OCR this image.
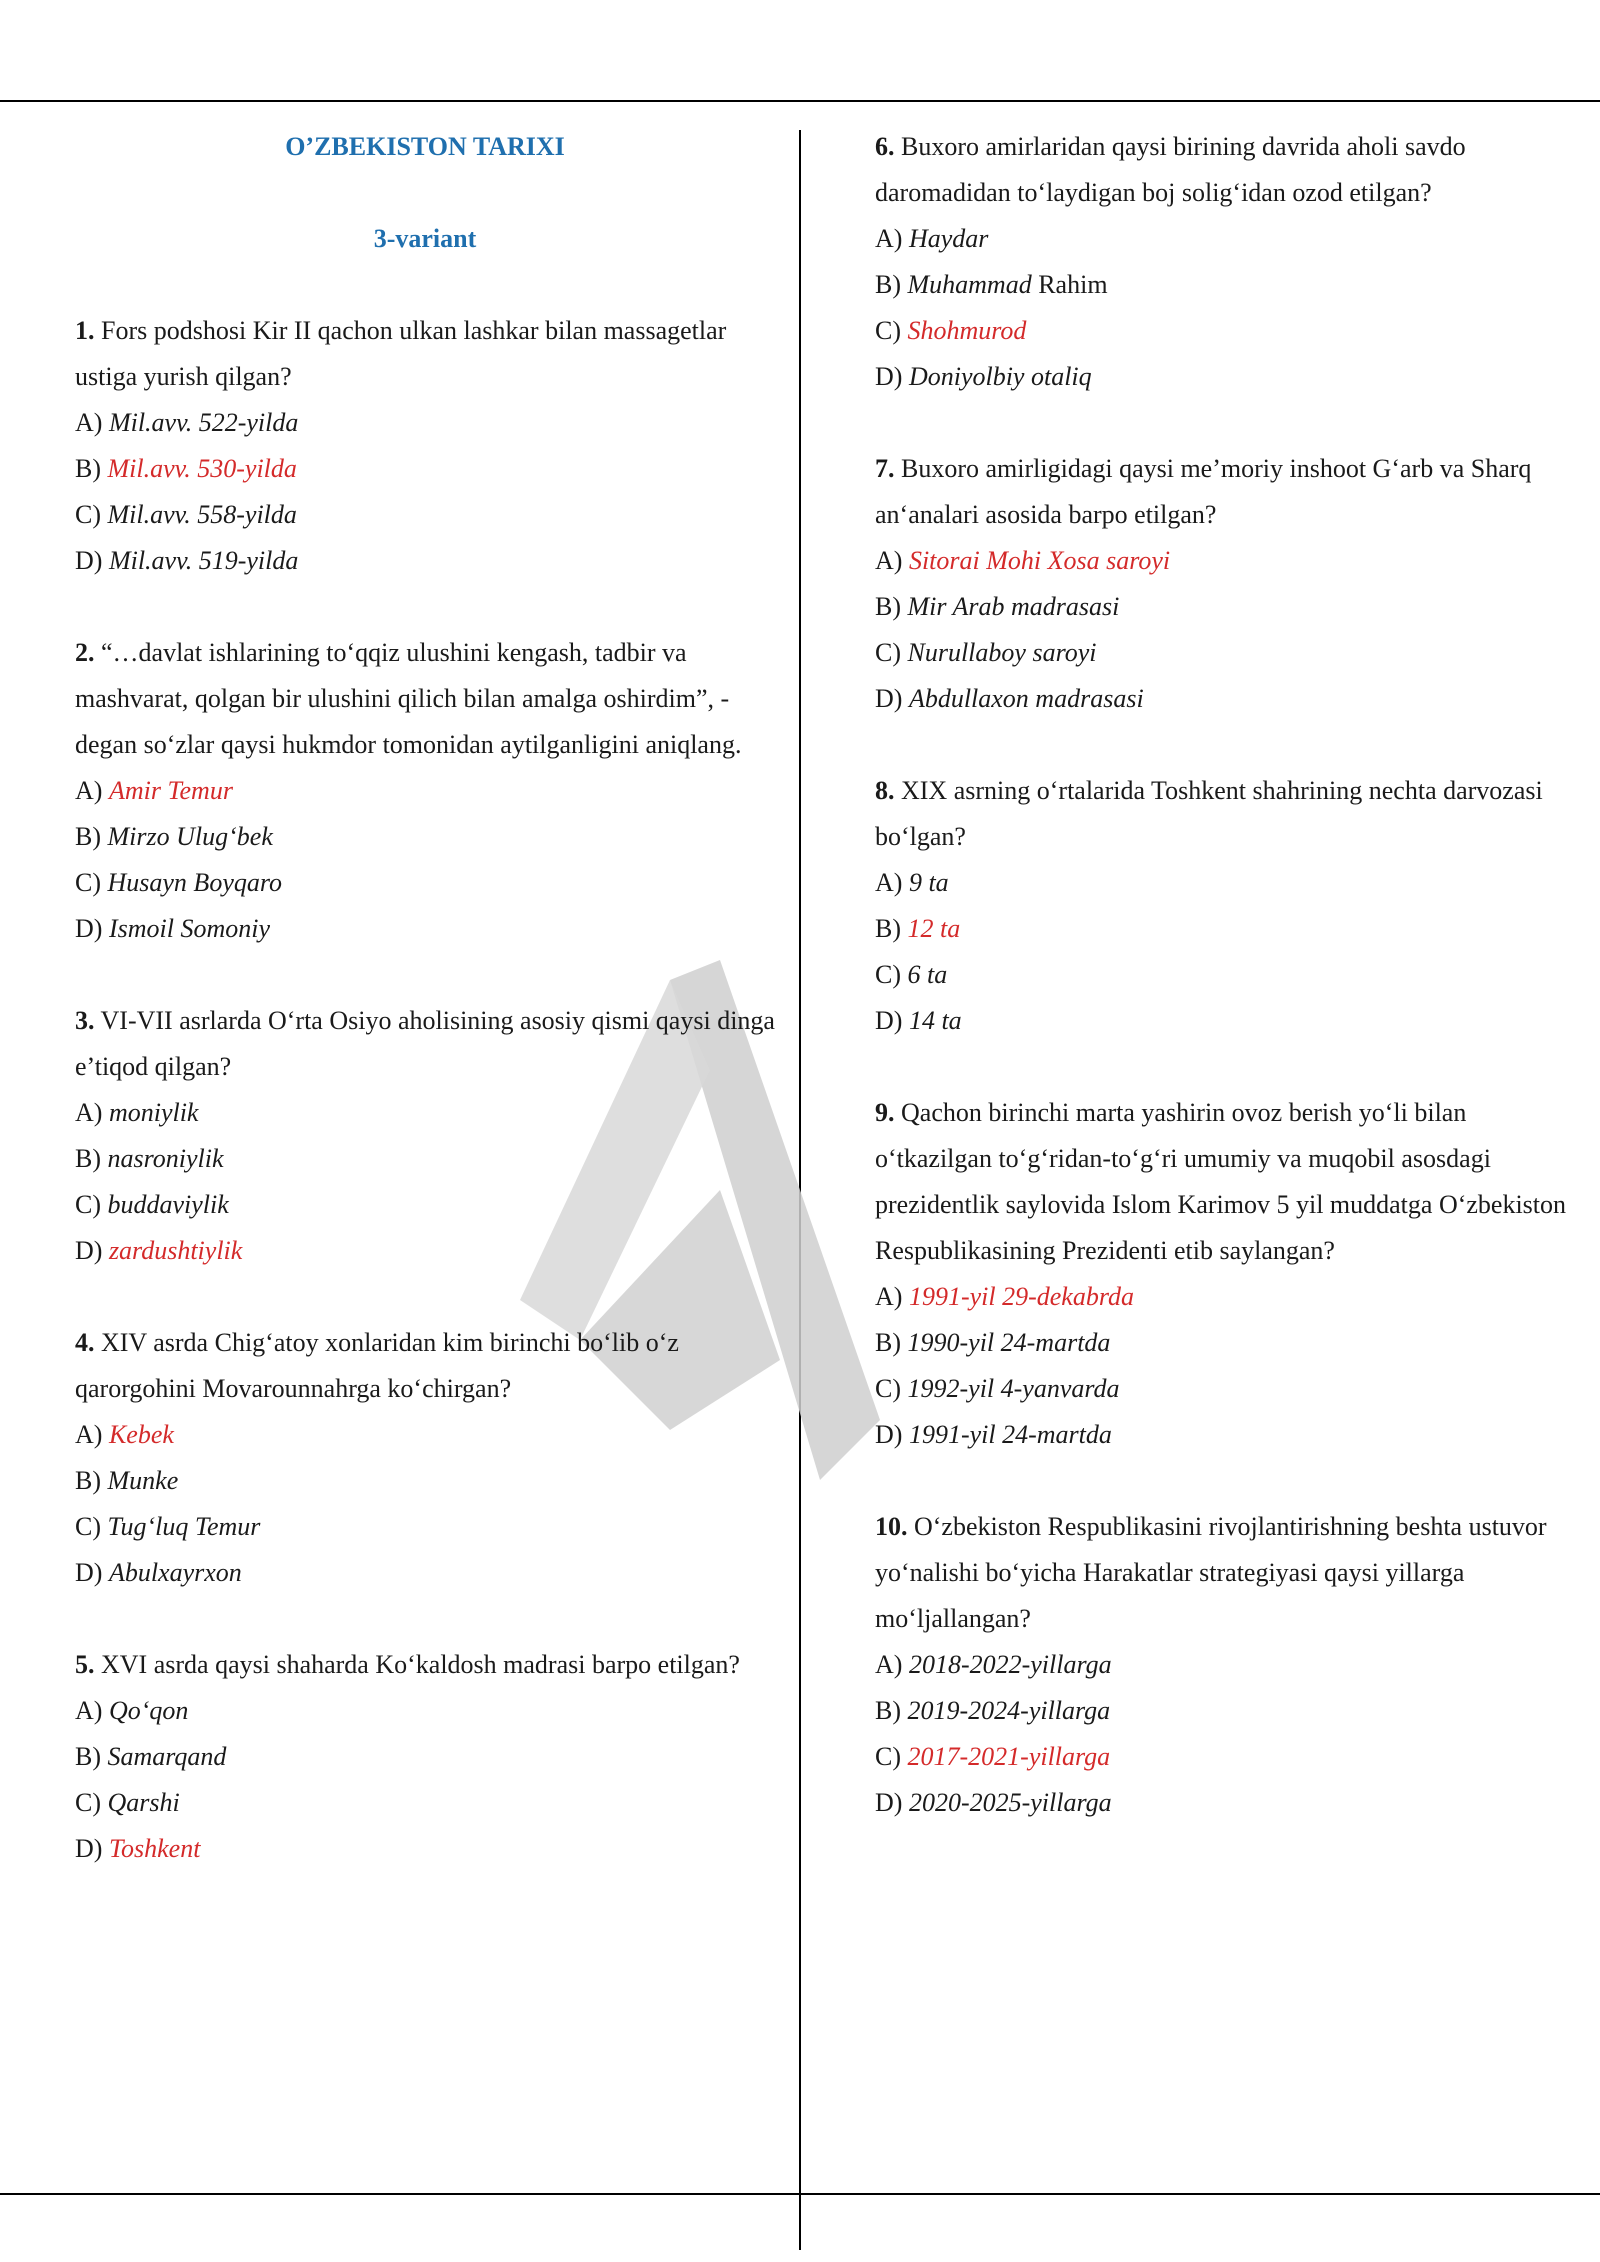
O’ZBEKISTON TARIXI
3-variant

1. Fors podshosi Kir II qachon ulkan lashkar bilan massagetlar ustiga yurish qilgan?

A) Mil.avv. 522-yilda
B) Mil.avv. 530-yilda
C) Mil.avv. 558-yilda
D) Mil.avv. 519-yilda

2. “…davlat ishlarining to‘qqiz ulushini kengash, tadbir va mashvarat, qolgan bir ulushini qilich bilan amalga oshirdim”, - degan so‘zlar qaysi hukmdor tomonidan aytilganligini aniqlang.

A) Amir Temur
B) Mirzo Ulug‘bek
C) Husayn Boyqaro
D) Ismoil Somoniy

3. VI-VII asrlarda O‘rta Osiyo aholisining asosiy qismi qaysi dinga e’tiqod qilgan?

A) moniylik
B) nasroniylik
C) buddaviylik
D) zardushtiylik

4. XIV asrda Chig‘atoy xonlaridan kim birinchi bo‘lib o‘z qarorgohini Movarounnahrga ko‘chirgan?

A) Kebek
B) Munke
C) Tug‘luq Temur
D) Abulxayrxon

5. XVI asrda qaysi shaharda Ko‘kaldosh madrasi barpo etilgan?

A) Qo‘qon
B) Samarqand
C) Qarshi
D) Toshkent

6. Buxoro amirlaridan qaysi birining davrida aholi savdo daromadidan to‘laydigan boj solig‘idan ozod etilgan?

A) Haydar
B) Muhammad Rahim
C) Shohmurod
D) Doniyolbiy otaliq

7. Buxoro amirligidagi qaysi me’moriy inshoot G‘arb va Sharq an‘analari asosida barpo etilgan?

A) Sitorai Mohi Xosa saroyi
B) Mir Arab madrasasi
C) Nurullaboy saroyi
D) Abdullaxon madrasasi

8. XIX asrning o‘rtalarida Toshkent shahrining nechta darvozasi bo‘lgan?

A) 9 ta
B) 12 ta
C) 6 ta
D) 14 ta

9. Qachon birinchi marta yashirin ovoz berish yo‘li bilan o‘tkazilgan to‘g‘ridan-to‘g‘ri umumiy va muqobil asosdagi prezidentlik saylovida Islom Karimov 5 yil muddatga O‘zbekiston Respublikasining Prezidenti etib saylangan?

A) 1991-yil 29-dekabrda
B) 1990-yil 24-martda
C) 1992-yil 4-yanvarda
D) 1991-yil 24-martda

10. O‘zbekiston Respublikasini rivojlantirishning beshta ustuvor yo‘nalishi bo‘yicha Harakatlar strategiyasi qaysi yillarga mo‘ljallangan?

A) 2018-2022-yillarga
B) 2019-2024-yillarga
C) 2017-2021-yillarga
D) 2020-2025-yillarga
